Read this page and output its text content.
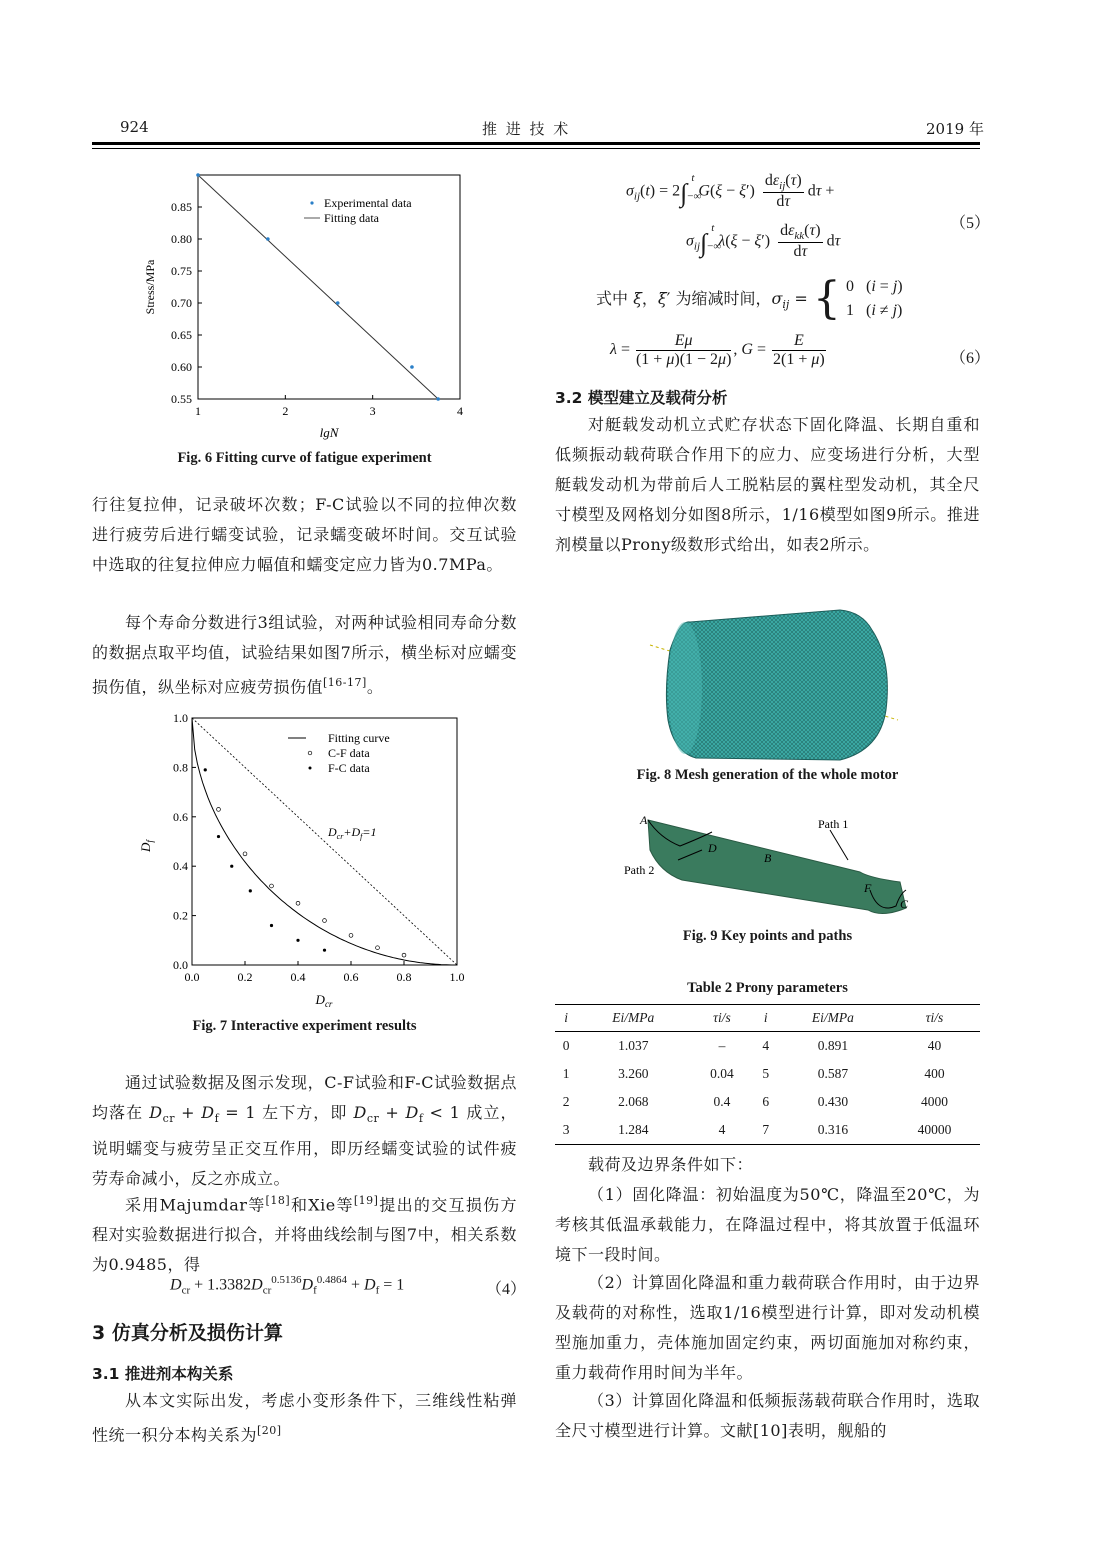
924	推 进 技 术	2019 年
0.85
0.80
0.75
0.70
0.65
0.60
0.55
1	2	3	4
Stress/MPa
lgN
Experimental data
Fitting data
Fig. 6 Fitting curve of fatigue experiment
行往复拉伸，记录破坏次数；F-C试验以不同的拉伸次数进行疲劳后进行蠕变试验，记录蠕变破坏时间。交互试验中选取的往复拉伸应力幅值和蠕变定应力皆为0.7MPa。
每个寿命分数进行3组试验，对两种试验相同寿命分数的数据点取平均值，试验结果如图7所示，横坐标对应蠕变损伤值，纵坐标对应疲劳损伤值[16-17]。
1.0
0.8
0.6
0.4
0.2
0.0
0.0	0.2	0.4	0.6	0.8	1.0
$D_f$
$D_{cr}$
$D_{cr}+D_f=1$
Fitting curve
C-F data
F-C data
Fig. 7 Interactive experiment results
通过试验数据及图示发现，C-F试验和F-C试验数据点均落在 $D_{cr} + D_f = 1$ 左下方，即 $D_{cr} + D_f < 1$ 成立，说明蠕变与疲劳呈正交互作用，即历经蠕变试验的试件疲劳寿命减小，反之亦成立。
采用Majumdar等[18]和Xie等[19]提出的交互损伤方程对实验数据进行拟合，并将曲线绘制与图7中，相关系数为0.9485，得
$D_{cr} + 1.3382D_{cr}^{0.5136}D_f^{0.4864} + D_f = 1$	（4）
3 仿真分析及损伤计算
3.1 推进剂本构关系
从本文实际出发，考虑小变形条件下，三维线性粘弹性统一积分本构关系为[20]
$\sigma_{ij}(t) = 2\int_{-\infty}^t$ G(ξ − ξ′)
$d\varepsilon_{ij}(\tau)$
dτ
dτ +
$\sigma_{ij}\int_{-\infty}^t$ λ(ξ − ξ′)
$d\varepsilon_{kk}(\tau)$
dτ
dτ
（5）
式中 ξ，ξ′ 为缩减时间，$\sigma_{ij}$ = { 0   (i = j)
1   (i ≠ j)
$\lambda = \frac{E\mu}{(1 + \mu)(1 - 2\mu)}$ , $G = \frac{E}{2(1 + \mu)}$	（6）
3.2 模型建立及载荷分析
对艇载发动机立式贮存状态下固化降温、长期自重和低频振动载荷联合作用下的应力、应变场进行分析，大型艇载发动机为带前后人工脱粘层的翼柱型发动机，其全尺寸模型及网格划分如图8所示，1/16模型如图9所示。推进剂模量以Prony级数形式给出，如表2所示。
Fig. 8 Mesh generation of the whole motor
A
D
B
F
C
Path 1
Path 2
Fig. 9 Key points and paths
Table 2 Prony parameters
i	Ei/MPa	τi/s	i	Ei/MPa	τi/s
0	1.037	–	4	0.891	40
1	3.260	0.04	5	0.587	400
2	2.068	0.4	6	0.430	4000
3	1.284	4	7	0.316	40000
载荷及边界条件如下：
（1）固化降温：初始温度为50℃，降温至20℃，为考核其低温承载能力，在降温过程中，将其放置于低温环境下一段时间。
（2）计算固化降温和重力载荷联合作用时，由于边界及载荷的对称性，选取1/16模型进行计算，即对发动机模型施加重力，壳体施加固定约束，两切面施加对称约束，重力载荷作用时间为半年。
（3）计算固化降温和低频振荡载荷联合作用时，选取全尺寸模型进行计算。文献[10]表明，舰船的
